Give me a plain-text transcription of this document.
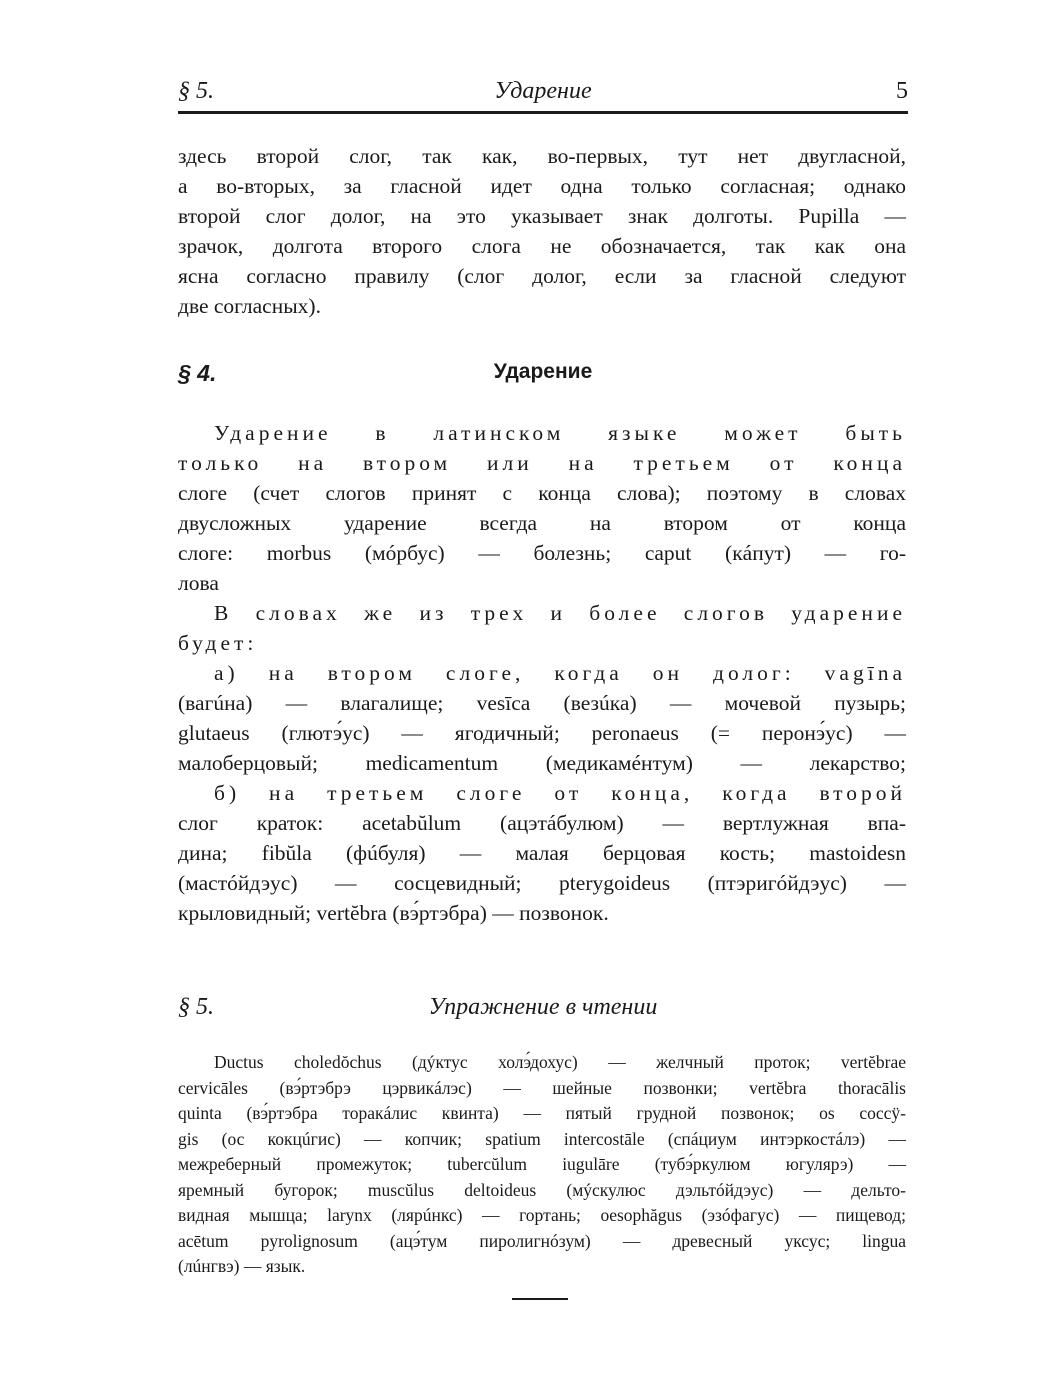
§ 5.	Ударение	5
здесь второй слог, так как, во-первых, тут нет двугласной,
а во-вторых, за гласной идет одна только согласная; однако
второй слог долог, на это указывает знак долготы. Pupilla —
зрачок, долгота второго слога не обозначается, так как она
ясна согласно правилу (слог долог, если за гласной следуют
две согласных).
§ 4.	Ударение
Ударение в латинском языке может быть
только на втором или на третьем от конца
слоге (счет слогов принят с конца слова); поэтому в словах
двусложных ударение всегда на втором от конца
слоге: morbus (мóрбус) — болезнь; caput (кáпут) — го-
лова
В словах же из трех и более слогов ударение
будет:
а) на втором слоге, когда он долог: vagīna
(вагúна) — влагалище; vesīca (везúка) — мочевой пузырь;
glutaeus (глютэ́ус) — ягодичный; peronaeus (= перонэ́ус) —
малоберцовый; medicamentum (медикамéнтум) — лекарство;
б) на третьем слоге от конца, когда второй
слог краток: acetabŭlum (ацэтáбулюм) — вертлужная впа-
дина; fibŭla (фúбуля) — малая берцовая кость; mastoidesn
(мастóйдэус) — сосцевидный; pterygoideus (птэригóйдэус) —
крыловидный; vertĕbra (вэ́ртэбра) — позвонок.
§ 5.	Упражнение в чтении
Ductus choledŏchus (дýктус холэ́дохус) — желчный проток; vertĕbrae
cervicāles (вэ́ртэбрэ цэрвикáлэс) — шейные позвонки; vertĕbra thoracālis
quinta (вэ́ртэбра торакáлис квинта) — пятый грудной позвонок; os coccÿ-
gis (ос кокцúгис) — копчик; spatium intercostāle (спáциум интэркостáлэ) —
межреберный промежуток; tubercŭlum iugulāre (тубэ́ркулюм югулярэ) —
яремный бугорок; muscŭlus deltoideus (мýскулюс дэльтóйдэус) — дельто-
видная мышца; larynx (лярúнкс) — гортань; oesophăgus (эзóфагус) — пищевод;
acētum pyrolignosum (ацэ́тум пиролигнóзум) — древесный уксус; lingua
(лúнгвэ) — язык.
